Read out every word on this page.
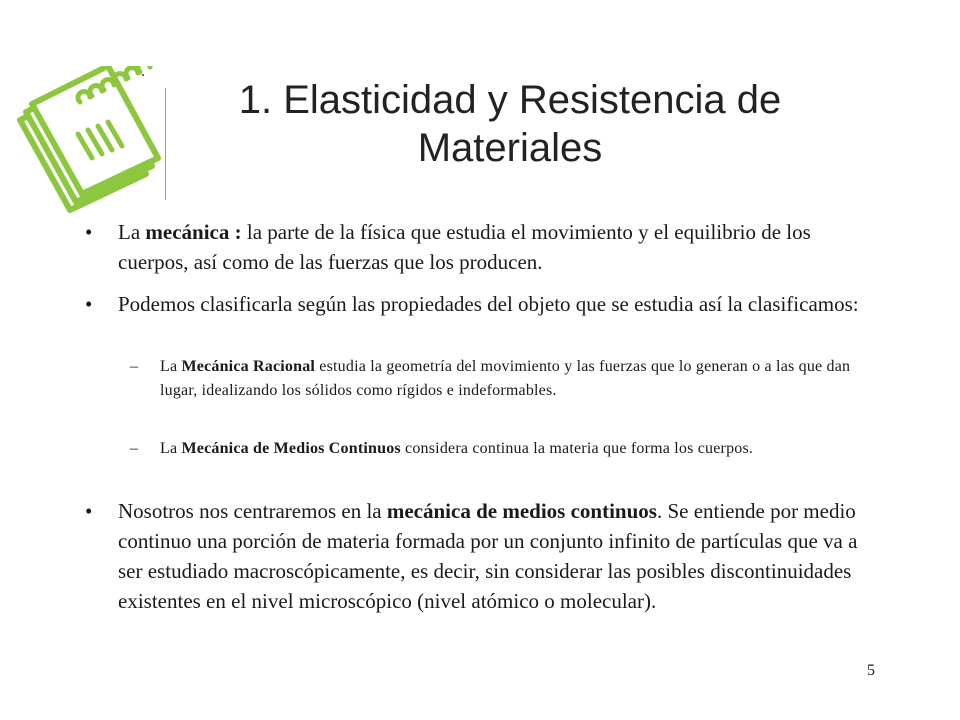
1. Elasticidad y Resistencia de Materiales
• La mecánica : la parte de la física que estudia el movimiento y el equilibrio de los cuerpos, así como de las fuerzas que los producen.
• Podemos clasificarla según las propiedades del objeto que se estudia así la clasificamos:
– La Mecánica Racional estudia la geometría del movimiento y las fuerzas que lo generan o a las que dan lugar, idealizando los sólidos como rígidos e indeformables.
– La Mecánica de Medios Continuos considera continua la materia que forma los cuerpos.
• Nosotros nos centraremos en la mecánica de medios continuos. Se entiende por medio continuo una porción de materia formada por un conjunto infinito de partículas que va a ser estudiado macroscópicamente, es decir, sin considerar las posibles discontinuidades existentes en el nivel microscópico (nivel atómico o molecular).
5
